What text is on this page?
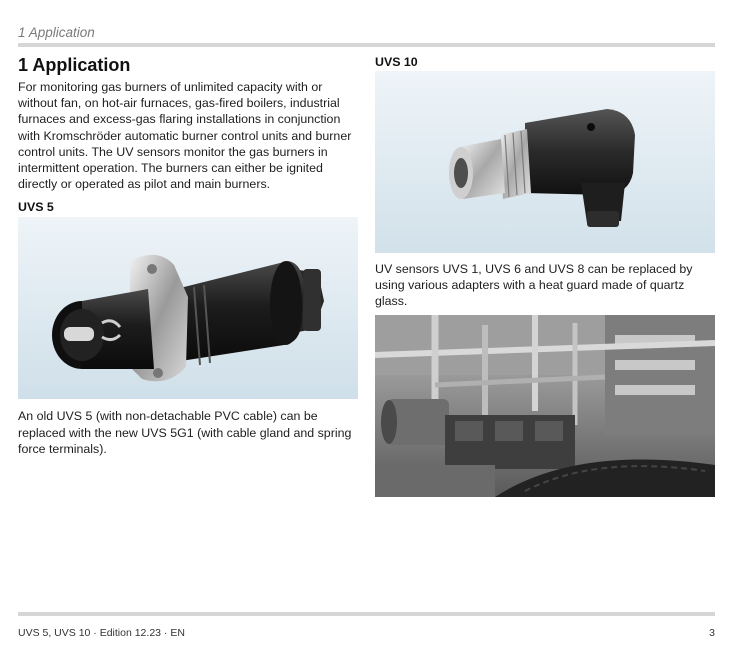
1 Application
1 Application

For monitoring gas burners of unlimited capacity with or without fan, on hot-air furnaces, gas-fired boilers, industrial furnaces and excess-gas flaring installations in conjunction with Kromschröder automatic burner control units and burner control units. The UV sensors monitor the gas burners in intermittent operation. The burners can either be ignited directly or operated as pilot and main burners.

UVS 5

An old UVS 5 (with non-detachable PVC cable) can be replaced with the new UVS 5G1 (with cable gland and spring force terminals).

UVS 10

UV sensors UVS 1, UVS 6 and UVS 8 can be replaced by using various adapters with a heat guard made of quartz glass.

UVS 5, UVS 10 · Edition 12.23 · EN	3
